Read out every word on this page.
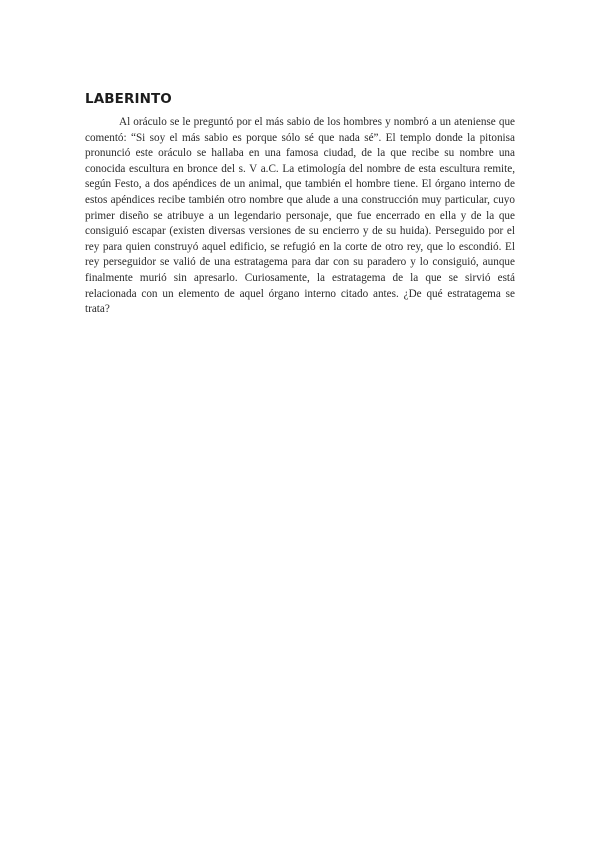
LABERINTO

Al oráculo se le preguntó por el más sabio de los hombres y nombró a un ateniense que comentó: “Si soy el más sabio es porque sólo sé que nada sé”. El templo donde la pitonisa pronunció este oráculo se hallaba en una famosa ciudad, de la que recibe su nombre una conocida escultura en bronce del s. V a.C. La etimología del nombre de esta escultura remite, según Festo, a dos apéndices de un animal, que también el hombre tiene. El órgano interno de estos apéndices recibe también otro nombre que alude a una construcción muy particular, cuyo primer diseño se atribuye a un legendario personaje, que fue encerrado en ella y de la que consiguió escapar (existen diversas versiones de su encierro y de su huida). Perseguido por el rey para quien construyó aquel edificio, se refugió en la corte de otro rey, que lo escondió. El rey perseguidor se valió de una estratagema para dar con su paradero y lo consiguió, aunque finalmente murió sin apresarlo. Curiosamente, la estratagema de la que se sirvió está relacionada con un elemento de aquel órgano interno citado antes. ¿De qué estratagema se trata?
